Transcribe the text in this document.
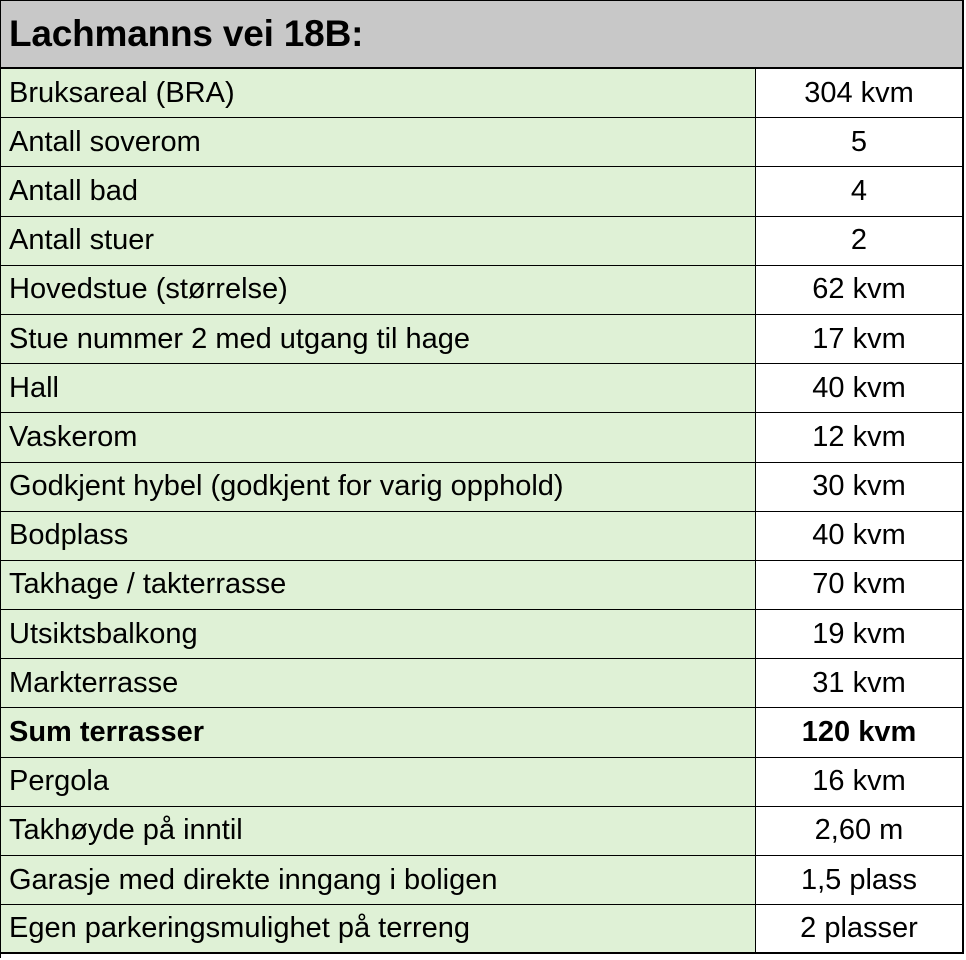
Lachmanns vei 18B:
Bruksareal (BRA)	304 kvm
Antall soverom	5
Antall bad	4
Antall stuer	2
Hovedstue (størrelse)	62 kvm
Stue nummer 2 med utgang til hage	17 kvm
Hall	40 kvm
Vaskerom	12 kvm
Godkjent hybel (godkjent for varig opphold)	30 kvm
Bodplass	40 kvm
Takhage / takterrasse	70 kvm
Utsiktsbalkong	19 kvm
Markterrasse	31 kvm
Sum terrasser	120 kvm
Pergola	16 kvm
Takhøyde på inntil	2,60 m
Garasje med direkte inngang i boligen	1,5 plass
Egen parkeringsmulighet på terreng	2 plasser
